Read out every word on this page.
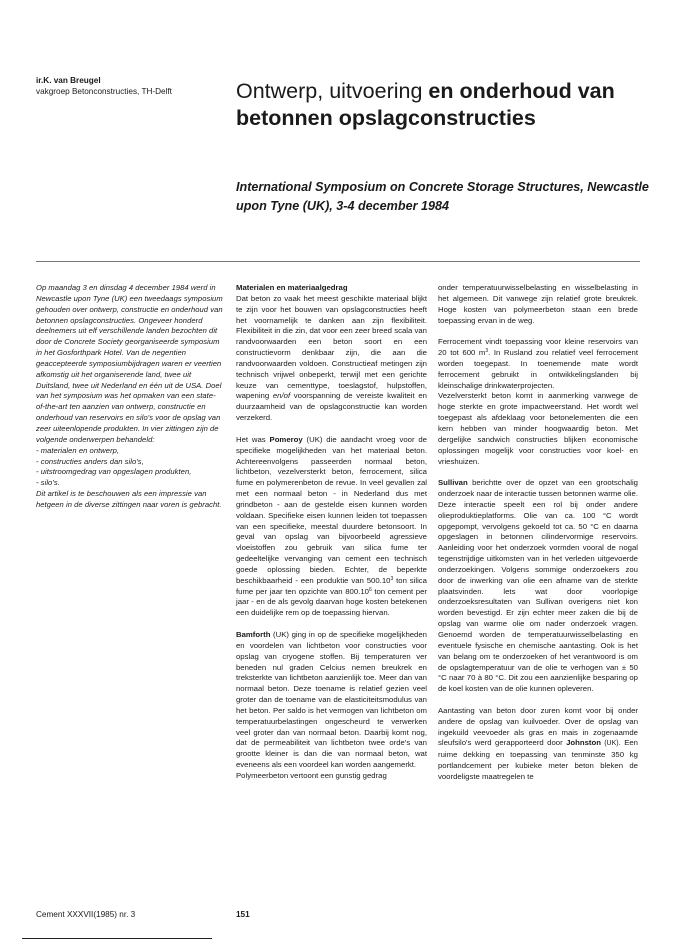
ir.K. van Breugel
vakgroep Betonconstructies, TH-Delft	Ontwerp, uitvoering en onderhoud van betonnen opslagconstructies
International Symposium on Concrete Storage Structures, Newcastle upon Tyne (UK), 3-4 december 1984

Op maandag 3 en dinsdag 4 december 1984 werd in Newcastle upon Tyne (UK) een tweedaags symposium gehouden over ontwerp, constructie en onderhoud van betonnen opslagconstructies. Ongeveer honderd deelnemers uit elf verschillende landen bezochten dit door de Concrete Society georganiseerde symposium in het Gosforthpark Hotel. Van de negentien geaccepteerde symposiumbijdragen waren er veertien afkomstig uit het organiserende land, twee uit Duitsland, twee uit Nederland en één uit de USA. Doel van het symposium was het opmaken van een state-of-the-art ten aanzien van ontwerp, constructie en onderhoud van reservoirs en silo's voor de opslag van zeer uiteenlopende produkten. In vier zittingen zijn de volgende onderwerpen behandeld:

- materialen en ontwerp,

- constructies anders dan silo's,

- uitstroomgedrag van opgeslagen produkten,

- silo's.

Dit artikel is te beschouwen als een impressie van hetgeen in de diverse zittingen naar voren is gebracht.

Materialen en materiaalgedrag

Dat beton zo vaak het meest geschikte materiaal blijkt te zijn voor het bouwen van opslagconstructies heeft het voornamelijk te danken aan zijn flexibiliteit. Flexibiliteit in die zin, dat voor een zeer breed scala van randvoorwaarden een beton soort en een constructievorm denkbaar zijn, die aan die randvoorwaarden voldoen. Constructieaf metingen zijn technisch vrijwel onbeperkt, terwijl met een gerichte keuze van cementtype, toeslagstof, hulpstoffen, wapening en/of voorspanning de vereiste kwaliteit en duurzaamheid van de opslagconstructie kan worden verzekerd.

Het was Pomeroy (UK) die aandacht vroeg voor de specifieke mogelijkheden van het materiaal beton. Achtereenvolgens passeerden normaal beton, lichtbeton, vezelversterkt beton, ferrocement, silica fume en polymerenbeton de revue. In veel gevallen zal met een normaal beton - in Nederland dus met grindbeton - aan de gestelde eisen kunnen worden voldaan. Specifieke eisen kunnen leiden tot toepassen van een specifieke, meestal duurdere betonsoort. In geval van opslag van bijvoorbeeld agressieve vloeistoffen zou gebruik van silica fume ter gedeeltelijke vervanging van cement een technisch goede oplossing bieden. Echter, de beperkte beschikbaarheid - een produktie van 500.10$^3$ ton silica fume per jaar ten opzichte van 800.10$^6$ ton cement per jaar - en de als gevolg daarvan hoge kosten betekenen een duidelijke rem op de toepassing hiervan.

Bamforth (UK) ging in op de specifieke mogelijkheden en voordelen van lichtbeton voor constructies voor opslag van cryogene stoffen. Bij temperaturen ver beneden nul graden Celcius nemen breukrek en treksterkte van lichtbeton aanzienlijk toe. Meer dan van normaal beton. Deze toename is relatief gezien veel groter dan de toename van de elasticiteitsmodulus van het beton. Per saldo is het vermogen van lichtbeton om temperatuurbelastingen ongescheurd te verwerken veel groter dan van normaal beton. Daarbij komt nog, dat de permeabiliteit van lichtbeton twee orde's van grootte kleiner is dan die van normaal beton, wat eveneens als een voordeel kan worden aangemerkt.

Polymeerbeton vertoont een gunstig gedrag

onder temperatuurwisselbelasting en wisselbelasting in het algemeen. Dit vanwege zijn relatief grote breukrek. Hoge kosten van polymeerbeton staan een brede toepassing ervan in de weg.

Ferrocement vindt toepassing voor kleine reservoirs van 20 tot 600 $m^3$. In Rusland zou relatief veel ferrocement worden toegepast. In toenemende mate wordt ferrocement gebruikt in ontwikkelingslanden bij kleinschalige drinkwaterprojecten.

Vezelversterkt beton komt in aanmerking vanwege de hoge sterkte en grote impactweerstand. Het wordt wel toegepast als afdeklaag voor betonelementen die een kern hebben van minder hoogwaardig beton. Met dergelijke sandwich constructies blijken economische oplossingen mogelijk voor constructies voor koel- en vrieshuizen.

Sullivan berichtte over de opzet van een grootschalig onderzoek naar de interactie tussen betonnen warme olie. Deze interactie speelt een rol bij onder andere olieproduktieplatforms. Olie van ca. 100 °C wordt opgepompt, vervolgens gekoeld tot ca. 50 °C en daarna opgeslagen in betonnen cilindervormige reservoirs. Aanleiding voor het onderzoek vormden vooral de nogal tegenstrijdige uitkomsten van in het verleden uitgevoerde onderzoekingen. Volgens sommige onderzoekers zou door de inwerking van olie een afname van de sterkte plaatsvinden. lets wat door voorlopige onderzoeksresultaten van Sullivan overigens niet kon worden bevestigd. Er zijn echter meer zaken die bij de opslag van warme olie om nader onderzoek vragen. Genoemd worden de temperatuurwisselbelasting en eventuele fysische en chemische aantasting. Ook is het van belang om te onderzoeken of het verantwoord is om de opslagtemperatuur van de olie te verhogen van ± 50 °C naar 70 à 80 °C. Dit zou een aanzienlijke besparing op de koel kosten van de olie kunnen opleveren.

Aantasting van beton door zuren komt voor bij onder andere de opslag van kuilvoeder. Over de opslag van ingekuild veevoeder als gras en mais in zogenaamde sleufsilo's werd gerapporteerd door Johnston (UK). Een ruime dekking en toepassing van tenminste 350 kg portlandcement per kubieke meter beton bleken de voordeligste maatregelen te

Cement XXXVII(1985) nr. 3	151
